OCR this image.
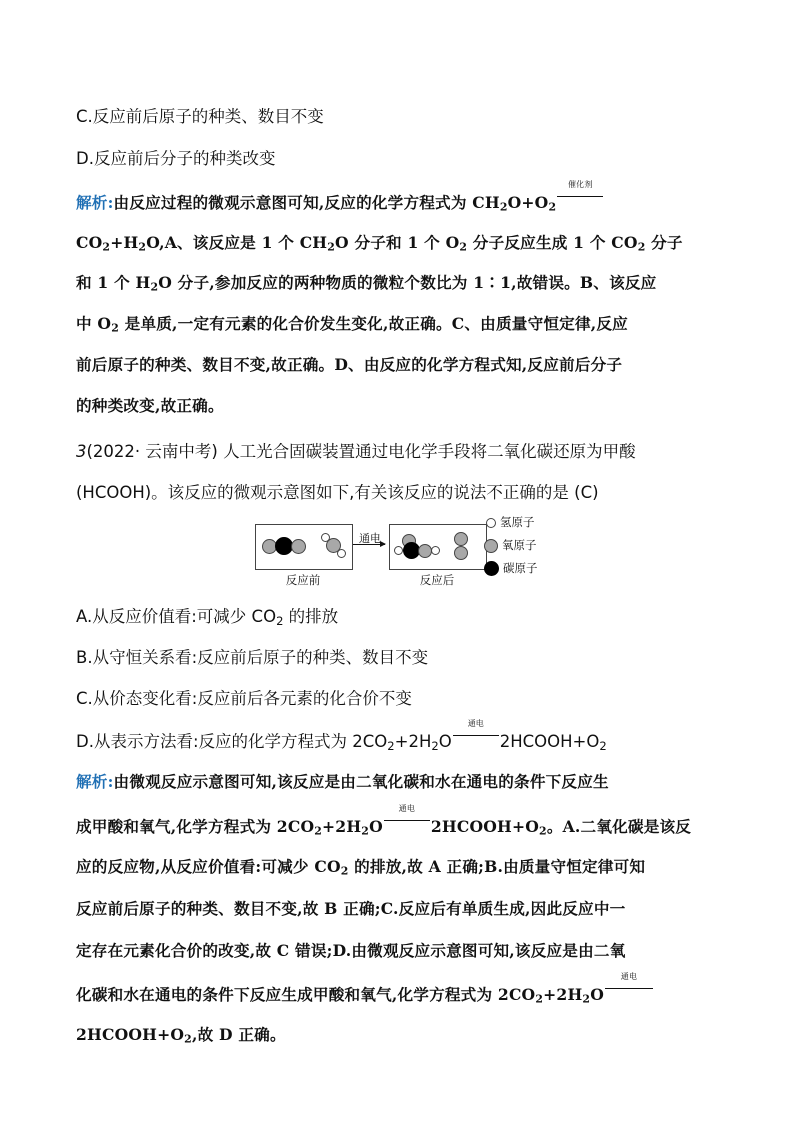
C.反应前后原子的种类、数目不变
D.反应前后分子的种类改变
解析:由反应过程的微观示意图可知,反应的化学方程式为 $CH_2O+O_2$
催化剂
$CO_2+H_2O,A$、该反应是 1 个 $CH_2O$ 分子和 1 个 $O_2$ 分子反应生成 1 个 $CO_2$ 分子
和 1 个 $H_2O$ 分子,参加反应的两种物质的微粒个数比为 1∶1,故错误。B、该反应
中 $O_2$ 是单质,一定有元素的化合价发生变化,故正确。C、由质量守恒定律,反应
前后原子的种类、数目不变,故正确。D、由反应的化学方程式知,反应前后分子
的种类改变,故正确。
3(2022· 云南中考) 人工光合固碳装置通过电化学手段将二氧化碳还原为甲酸
(HCOOH)。该反应的微观示意图如下,有关该反应的说法不正确的是 (C)
通电
反应前	反应后
氢原子
氧原子
碳原子
A.从反应价值看:可减少 $CO_2$ 的排放
B.从守恒关系看:反应前后原子的种类、数目不变
C.从价态变化看:反应前后各元素的化合价不变
D.从表示方法看:反应的化学方程式为 $2CO_2+2H_2O$
通电
$2HCOOH+O_2$
解析:由微观反应示意图可知,该反应是由二氧化碳和水在通电的条件下反应生
成甲酸和氧气,化学方程式为 $2CO_2+2H_2O$
通电
$2HCOOH+O_2$。A.二氧化碳是该反
应的反应物,从反应价值看:可减少 $CO_2$ 的排放,故 A 正确;B.由质量守恒定律可知
反应前后原子的种类、数目不变,故 B 正确;C.反应后有单质生成,因此反应中一
定存在元素化合价的改变,故 C 错误;D.由微观反应示意图可知,该反应是由二氧
化碳和水在通电的条件下反应生成甲酸和氧气,化学方程式为 $2CO_2+2H_2O$
通电
$2HCOOH+O_2$,故 D 正确。
